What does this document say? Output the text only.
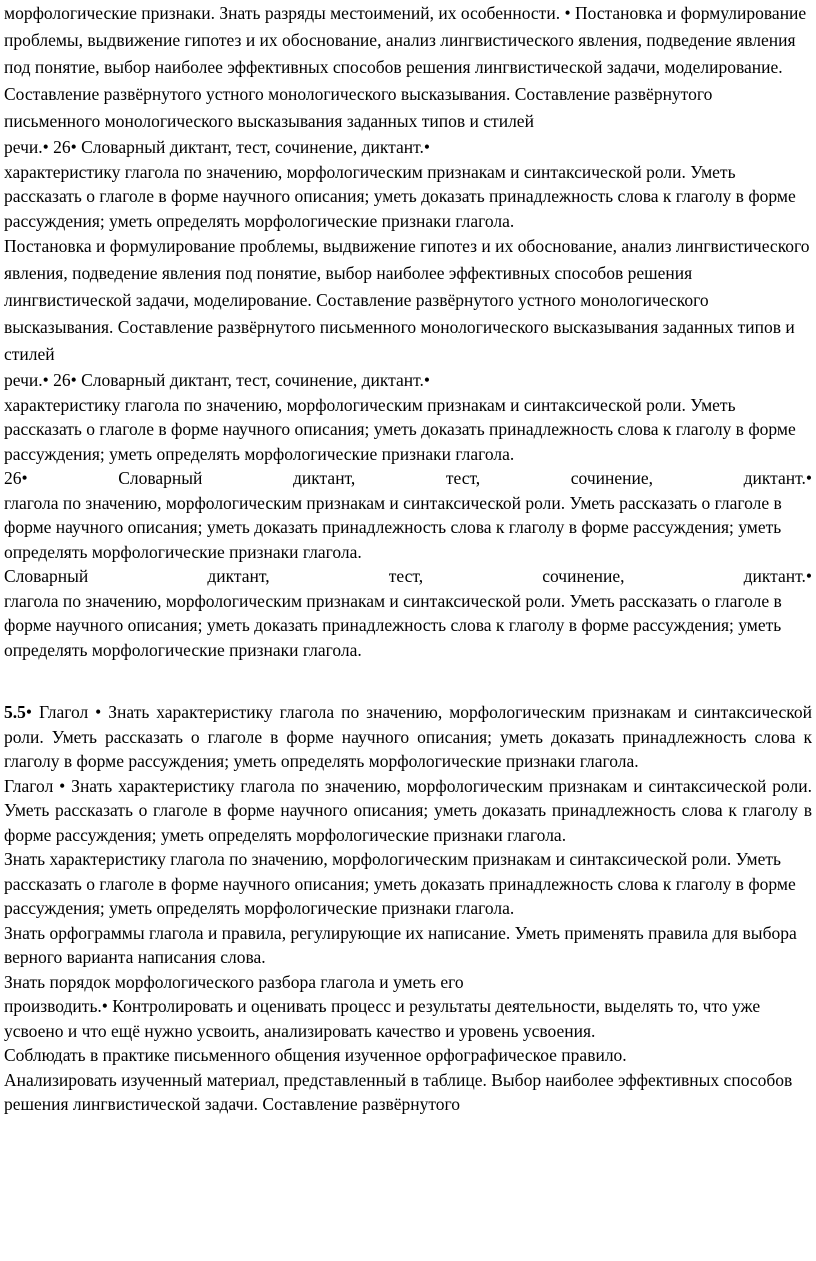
морфологические признаки. Знать разряды местоимений, их особенности. • Постановка и формулирование проблемы, выдвижение гипотез и их обоснование, анализ лингвистического явления, подведение явления под понятие, выбор наиболее эффективных способов решения лингвистической задачи, моделирование. Составление развёрнутого устного монологического высказывания. Составление развёрнутого письменного монологического высказывания заданных типов и стилей

речи.• 26• Словарный диктант, тест, сочинение, диктант.•

характеристику глагола по значению, морфологическим признакам и синтаксической роли. Уметь рассказать о глаголе в форме научного описания; уметь доказать принадлежность слова к глаголу в форме рассуждения; уметь определять морфологические признаки глагола.

Постановка и формулирование проблемы, выдвижение гипотез и их обоснование, анализ лингвистического явления, подведение явления под понятие, выбор наиболее эффективных способов решения лингвистической задачи, моделирование. Составление развёрнутого устного монологического высказывания. Составление развёрнутого письменного монологического высказывания заданных типов и стилей

речи.• 26• Словарный диктант, тест, сочинение, диктант.•

характеристику глагола по значению, морфологическим признакам и синтаксической роли. Уметь рассказать о глаголе в форме научного описания; уметь доказать принадлежность слова к глаголу в форме рассуждения; уметь определять морфологические признаки глагола.

26• Словарный диктант, тест, сочинение, диктант.•

глагола по значению, морфологическим признакам и синтаксической роли. Уметь рассказать о глаголе в форме научного описания; уметь доказать принадлежность слова к глаголу в форме рассуждения; уметь определять морфологические признаки глагола.

Словарный диктант, тест, сочинение, диктант.•

глагола по значению, морфологическим признакам и синтаксической роли. Уметь рассказать о глаголе в форме научного описания; уметь доказать принадлежность слова к глаголу в форме рассуждения; уметь определять морфологические признаки глагола.

5.5• Глагол • Знать характеристику глагола по значению, морфологическим признакам и синтаксической роли. Уметь рассказать о глаголе в форме научного описания; уметь доказать принадлежность слова к глаголу в форме рассуждения; уметь определять морфологические признаки глагола.

Глагол • Знать характеристику глагола по значению, морфологическим признакам и синтаксической роли. Уметь рассказать о глаголе в форме научного описания; уметь доказать принадлежность слова к глаголу в форме рассуждения; уметь определять морфологические признаки глагола.

Знать характеристику глагола по значению, морфологическим признакам и синтаксической роли. Уметь рассказать о глаголе в форме научного описания; уметь доказать принадлежность слова к глаголу в форме рассуждения; уметь определять морфологические признаки глагола.

Знать орфограммы глагола и правила, регулирующие их написание. Уметь применять правила для выбора верного варианта написания слова.

Знать порядок морфологического разбора глагола и уметь его

производить.• Контролировать и оценивать процесс и результаты деятельности, выделять то, что уже усвоено и что ещё нужно усвоить, анализировать качество и уровень усвоения.

Соблюдать в практике письменного общения изученное орфографическое правило.

Анализировать изученный материал, представленный в таблице. Выбор наиболее эффективных способов решения лингвистической задачи. Составление развёрнутого
